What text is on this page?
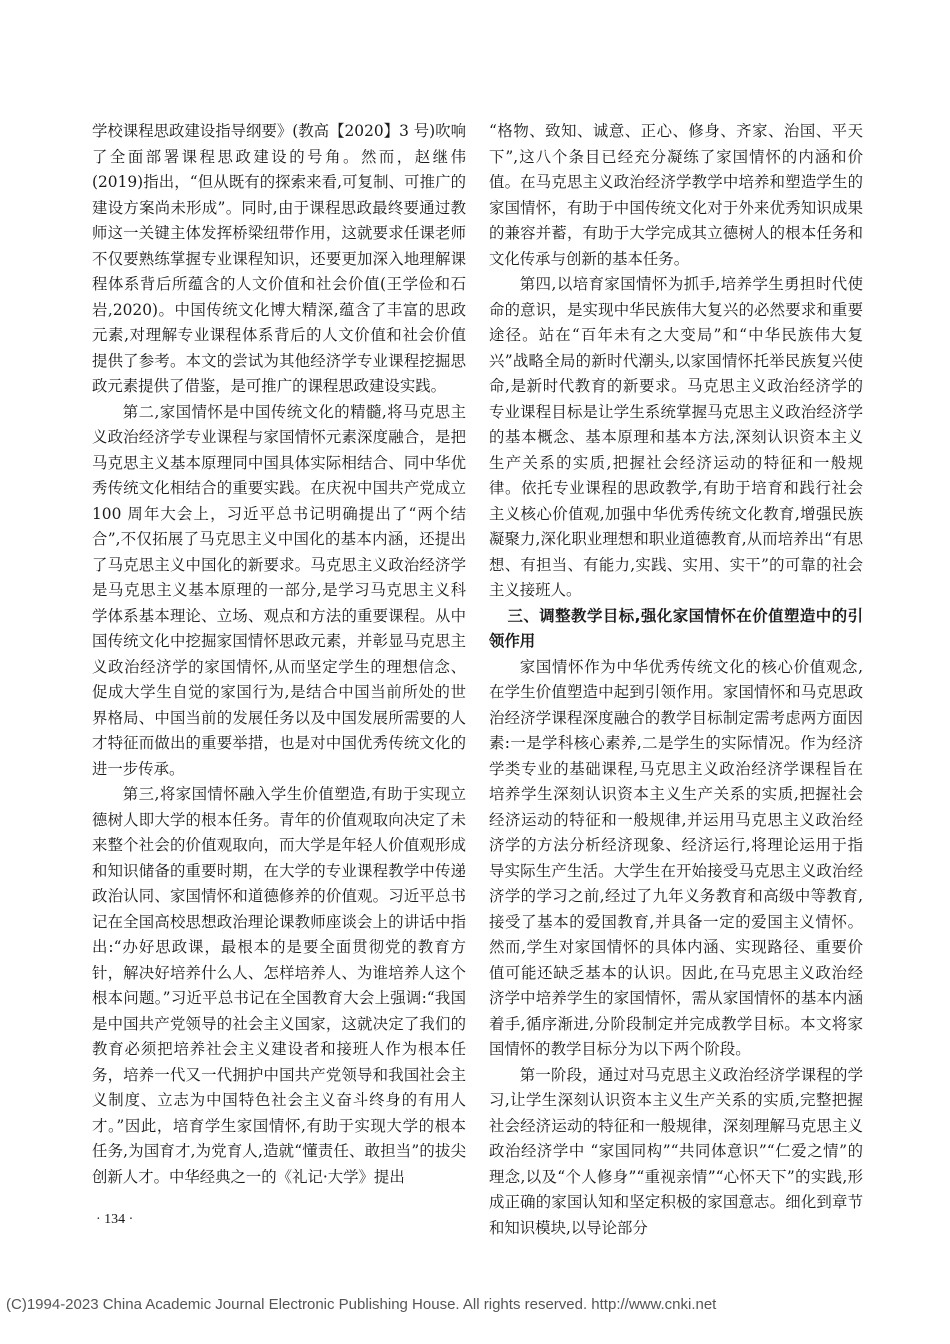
学校课程思政建设指导纲要》(教高【2020】3 号)吹响了全面部署课程思政建设的号角。然而，赵继伟(2019)指出，“但从既有的探索来看,可复制、可推广的建设方案尚未形成”。同时,由于课程思政最终要通过教师这一关键主体发挥桥梁纽带作用，这就要求任课老师不仅要熟练掌握专业课程知识，还要更加深入地理解课程体系背后所蕴含的人文价值和社会价值(王学俭和石岩,2020)。中国传统文化博大精深,蕴含了丰富的思政元素,对理解专业课程体系背后的人文价值和社会价值提供了参考。本文的尝试为其他经济学专业课程挖掘思政元素提供了借鉴，是可推广的课程思政建设实践。

第二,家国情怀是中国传统文化的精髓,将马克思主义政治经济学专业课程与家国情怀元素深度融合，是把马克思主义基本原理同中国具体实际相结合、同中华优秀传统文化相结合的重要实践。在庆祝中国共产党成立 100 周年大会上，习近平总书记明确提出了“两个结合”,不仅拓展了马克思主义中国化的基本内涵，还提出了马克思主义中国化的新要求。马克思主义政治经济学是马克思主义基本原理的一部分,是学习马克思主义科学体系基本理论、立场、观点和方法的重要课程。从中国传统文化中挖掘家国情怀思政元素，并彰显马克思主义政治经济学的家国情怀,从而坚定学生的理想信念、促成大学生自觉的家国行为,是结合中国当前所处的世界格局、中国当前的发展任务以及中国发展所需要的人才特征而做出的重要举措，也是对中国优秀传统文化的进一步传承。

第三,将家国情怀融入学生价值塑造,有助于实现立德树人即大学的根本任务。青年的价值观取向决定了未来整个社会的价值观取向，而大学是年轻人价值观形成和知识储备的重要时期，在大学的专业课程教学中传递政治认同、家国情怀和道德修养的价值观。习近平总书记在全国高校思想政治理论课教师座谈会上的讲话中指出:“办好思政课，最根本的是要全面贯彻党的教育方针，解决好培养什么人、怎样培养人、为谁培养人这个根本问题。”习近平总书记在全国教育大会上强调:“我国是中国共产党领导的社会主义国家，这就决定了我们的教育必须把培养社会主义建设者和接班人作为根本任务，培养一代又一代拥护中国共产党领导和我国社会主义制度、立志为中国特色社会主义奋斗终身的有用人才。”因此，培育学生家国情怀,有助于实现大学的根本任务,为国育才,为党育人,造就“懂责任、敢担当”的拔尖创新人才。中华经典之一的《礼记·大学》提出

“格物、致知、诚意、正心、修身、齐家、治国、平天下”,这八个条目已经充分凝练了家国情怀的内涵和价值。在马克思主义政治经济学教学中培养和塑造学生的家国情怀，有助于中国传统文化对于外来优秀知识成果的兼容并蓄，有助于大学完成其立德树人的根本任务和文化传承与创新的基本任务。

第四,以培育家国情怀为抓手,培养学生勇担时代使命的意识，是实现中华民族伟大复兴的必然要求和重要途径。站在“百年未有之大变局”和“中华民族伟大复兴”战略全局的新时代潮头,以家国情怀托举民族复兴使命,是新时代教育的新要求。马克思主义政治经济学的专业课程目标是让学生系统掌握马克思主义政治经济学的基本概念、基本原理和基本方法,深刻认识资本主义生产关系的实质,把握社会经济运动的特征和一般规律。依托专业课程的思政教学,有助于培育和践行社会主义核心价值观,加强中华优秀传统文化教育,增强民族凝聚力,深化职业理想和职业道德教育,从而培养出“有思想、有担当、有能力,实践、实用、实干”的可靠的社会主义接班人。

三、调整教学目标,强化家国情怀在价值塑造中的引领作用

家国情怀作为中华优秀传统文化的核心价值观念,在学生价值塑造中起到引领作用。家国情怀和马克思政治经济学课程深度融合的教学目标制定需考虑两方面因素:一是学科核心素养,二是学生的实际情况。作为经济学类专业的基础课程,马克思主义政治经济学课程旨在培养学生深刻认识资本主义生产关系的实质,把握社会经济运动的特征和一般规律,并运用马克思主义政治经济学的方法分析经济现象、经济运行,将理论运用于指导实际生产生活。大学生在开始接受马克思主义政治经济学的学习之前,经过了九年义务教育和高级中等教育,接受了基本的爱国教育,并具备一定的爱国主义情怀。然而,学生对家国情怀的具体内涵、实现路径、重要价值可能还缺乏基本的认识。因此,在马克思主义政治经济学中培养学生的家国情怀，需从家国情怀的基本内涵着手,循序渐进,分阶段制定并完成教学目标。本文将家国情怀的教学目标分为以下两个阶段。

第一阶段，通过对马克思主义政治经济学课程的学习,让学生深刻认识资本主义生产关系的实质,完整把握社会经济运动的特征和一般规律，深刻理解马克思主义政治经济学中 “家国同构”“共同体意识”“仁爱之情”的理念,以及“个人修身”“重视亲情”“心怀天下”的实践,形成正确的家国认知和坚定积极的家国意志。细化到章节和知识模块,以导论部分

· 134 ·
(C)1994-2023 China Academic Journal Electronic Publishing House. All rights reserved. http://www.cnki.net
